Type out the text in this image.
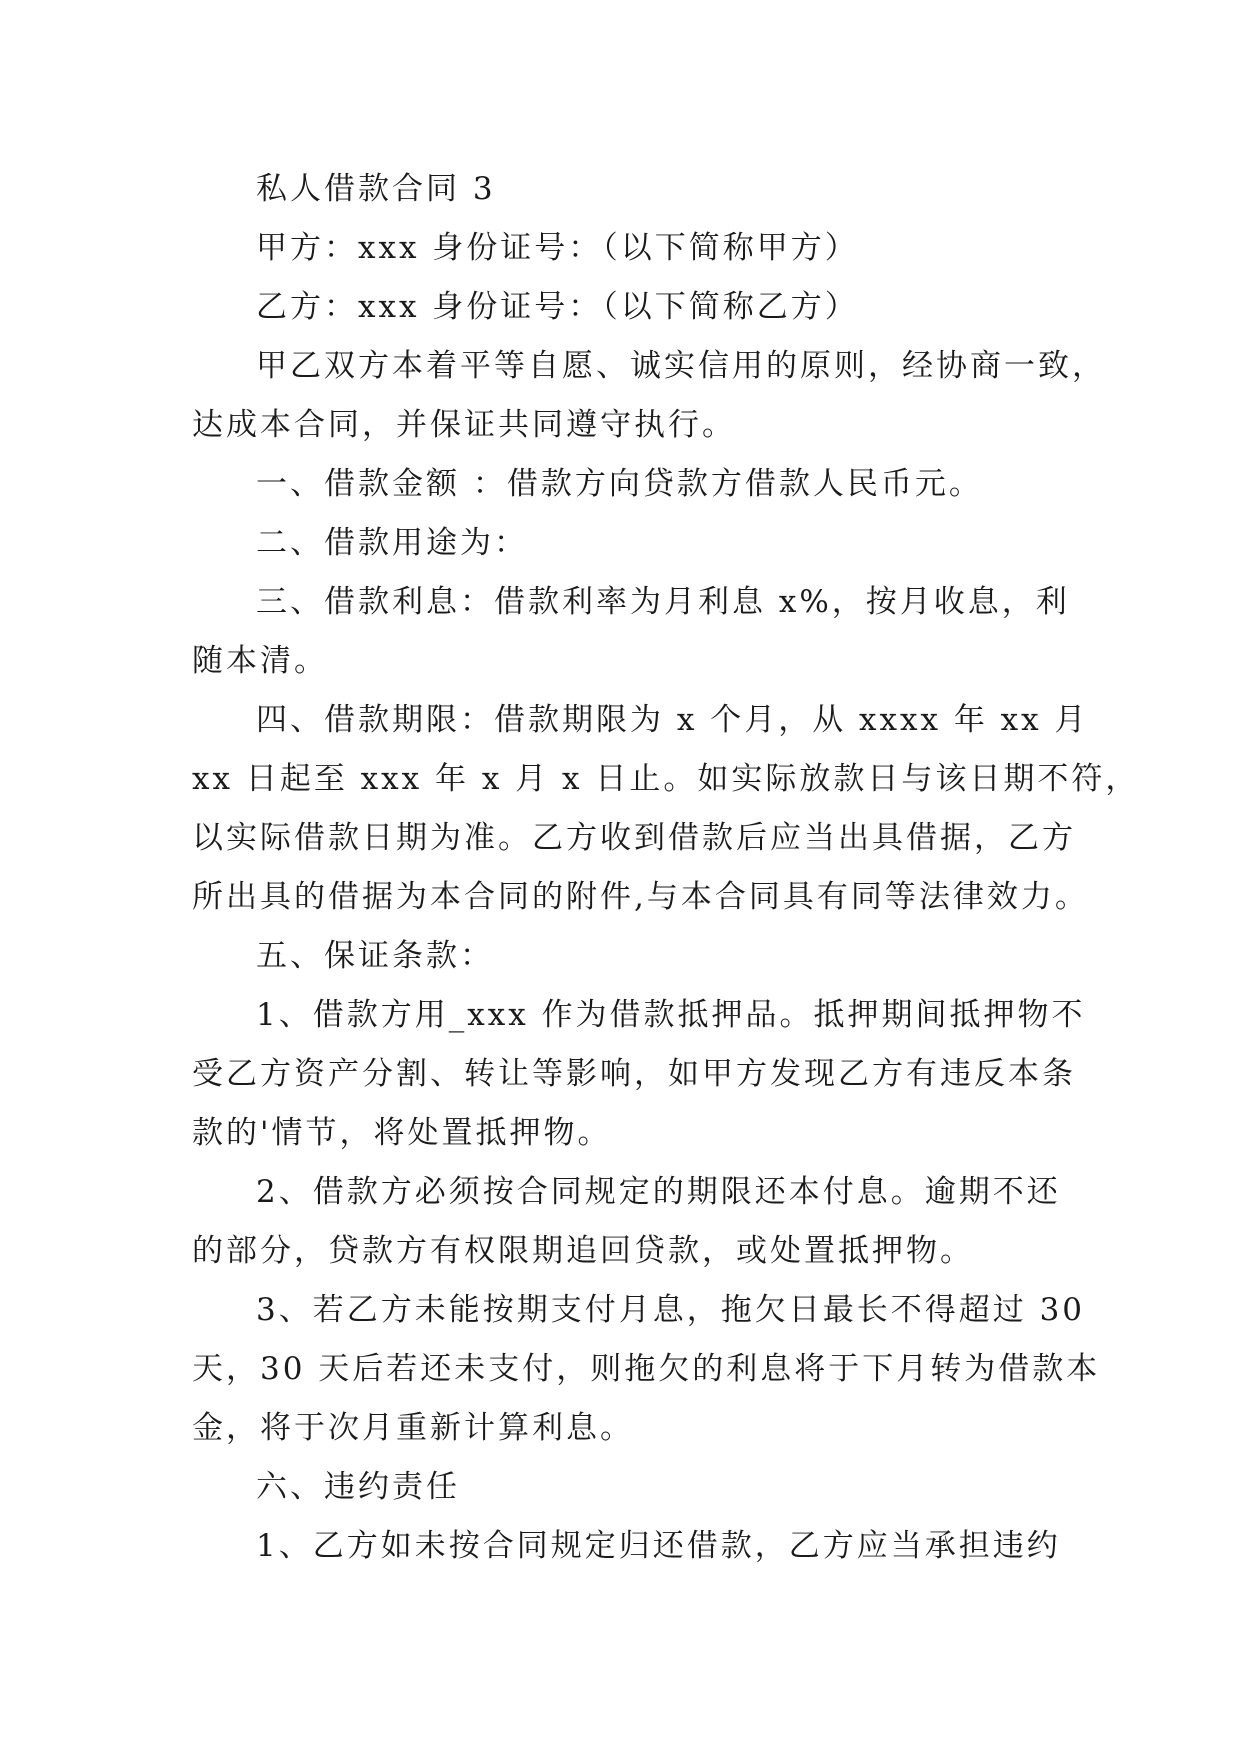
私人借款合同 3
甲方：xxx 身份证号：（以下简称甲方）
乙方：xxx 身份证号：（以下简称乙方）
甲乙双方本着平等自愿、诚实信用的原则，经协商一致，
达成本合同，并保证共同遵守执行。
一、借款金额 ：借款方向贷款方借款人民币元。
二、借款用途为：
三、借款利息：借款利率为月利息 x%，按月收息，利
随本清。
四、借款期限：借款期限为 x 个月，从 xxxx 年 xx 月
xx 日起至 xxx 年 x 月 x 日止。如实际放款日与该日期不符，
以实际借款日期为准。乙方收到借款后应当出具借据，乙方
所出具的借据为本合同的附件,与本合同具有同等法律效力。
五、保证条款：
1、借款方用_xxx 作为借款抵押品。抵押期间抵押物不
受乙方资产分割、转让等影响，如甲方发现乙方有违反本条
款的'情节，将处置抵押物。
2、借款方必须按合同规定的期限还本付息。逾期不还
的部分，贷款方有权限期追回贷款，或处置抵押物。
3、若乙方未能按期支付月息，拖欠日最长不得超过 30
天，30 天后若还未支付，则拖欠的利息将于下月转为借款本
金，将于次月重新计算利息。
六、违约责任
1、乙方如未按合同规定归还借款，乙方应当承担违约
